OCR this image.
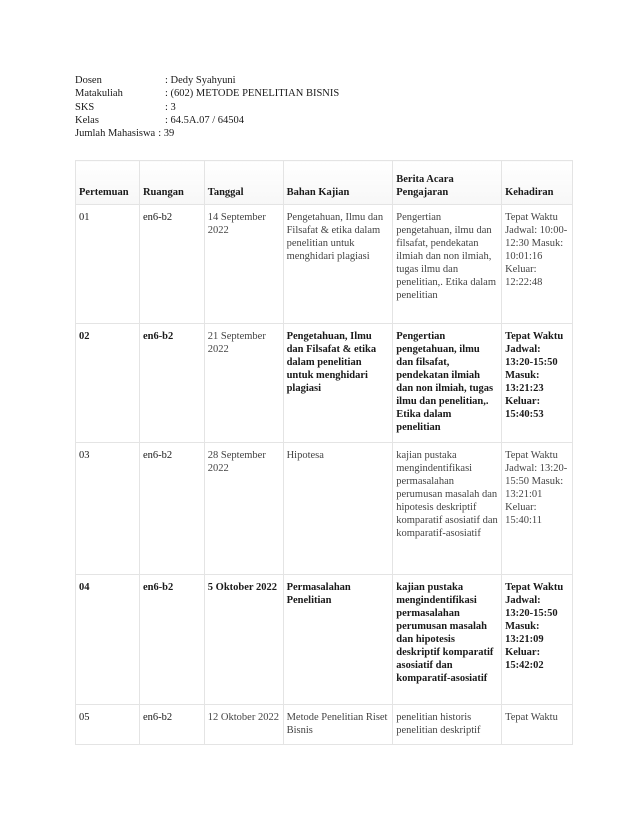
Dosen	: Dedy Syahyuni
Matakuliah	: (602) METODE PENELITIAN BISNIS
SKS	: 3
Kelas	: 64.5A.07 / 64504
Jumlah Mahasiswa : 39
Pertemuan	Ruangan	Tanggal	Bahan Kajian	Berita Acara Pengajaran	Kehadiran
01	en6-b2	14 September 2022	Pengetahuan, Ilmu dan Filsafat & etika dalam penelitian untuk menghidari plagiasi	Pengertian pengetahuan, ilmu dan filsafat, pendekatan ilmiah dan non ilmiah, tugas ilmu dan penelitian,. Etika dalam penelitian	Tepat Waktu Jadwal: 10:00-12:30 Masuk: 10:01:16 Keluar: 12:22:48
02	en6-b2	21 September 2022	Pengetahuan, Ilmu dan Filsafat & etika dalam penelitian untuk menghidari plagiasi	Pengertian pengetahuan, ilmu dan filsafat, pendekatan ilmiah dan non ilmiah, tugas ilmu dan penelitian,. Etika dalam penelitian	Tepat Waktu Jadwal: 13:20-15:50 Masuk: 13:21:23 Keluar: 15:40:53
03	en6-b2	28 September 2022	Hipotesa	kajian pustaka mengindentifikasi permasalahan perumusan masalah dan hipotesis deskriptif komparatif asosiatif dan komparatif-asosiatif	Tepat Waktu Jadwal: 13:20-15:50 Masuk: 13:21:01 Keluar: 15:40:11
04	en6-b2	5 Oktober 2022	Permasalahan Penelitian	kajian pustaka mengindentifikasi permasalahan perumusan masalah dan hipotesis deskriptif komparatif asosiatif dan komparatif-asosiatif	Tepat Waktu Jadwal: 13:20-15:50 Masuk: 13:21:09 Keluar: 15:42:02
05	en6-b2	12 Oktober 2022	Metode Penelitian Riset Bisnis	penelitian historis penelitian deskriptif	Tepat Waktu
